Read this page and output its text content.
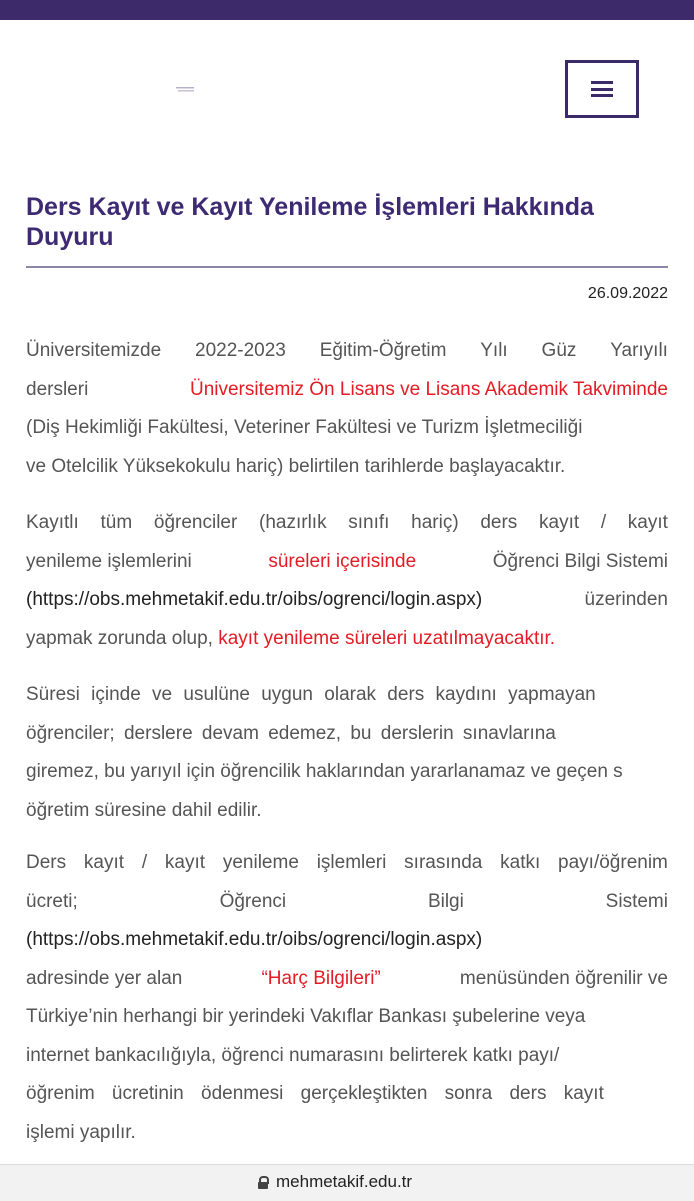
Ders Kayıt ve Kayıt Yenileme İşlemleri Hakkında Duyuru
26.09.2022
Üniversitemizde 2022-2023 Eğitim-Öğretim Yılı Güz Yarıyılı
dersleri	Üniversitemiz Ön Lisans ve Lisans Akademik Takviminde
(Diş Hekimliği Fakültesi, Veteriner Fakültesi ve Turizm İşletmeciliği
ve Otelcilik Yüksekokulu hariç) belirtilen tarihlerde başlayacaktır.
Kayıtlı tüm öğrenciler (hazırlık sınıfı hariç) ders kayıt / kayıt
yenileme işlemlerini	süreleri içerisinde	Öğrenci Bilgi Sistemi
(https://obs.mehmetakif.edu.tr/oibs/ogrenci/login.aspx)	üzerinden
yapmak zorunda olup, kayıt yenileme süreleri uzatılmayacaktır.
Süresi içinde ve usulüne uygun olarak ders kaydını yapmayan
öğrenciler; derslere devam edemez, bu derslerin sınavlarına
giremez, bu yarıyıl için öğrencilik haklarından yararlanamaz ve geçen s
öğretim süresine dahil edilir.
Ders kayıt / kayıt yenileme işlemleri sırasında katkı payı/öğrenim
ücreti;	Öğrenci	Bilgi	Sistemi
(https://obs.mehmetakif.edu.tr/oibs/ogrenci/login.aspx)
adresinde yer alan	“Harç Bilgileri”	menüsünden öğrenilir ve
Türkiye’nin herhangi bir yerindeki Vakıflar Bankası şubelerine veya
internet bankacılığıyla, öğrenci numarasını belirterek katkı payı/
öğrenim ücretinin ödenmesi gerçekleştikten sonra ders kayıt
işlemi yapılır.
mehmetakif.edu.tr
